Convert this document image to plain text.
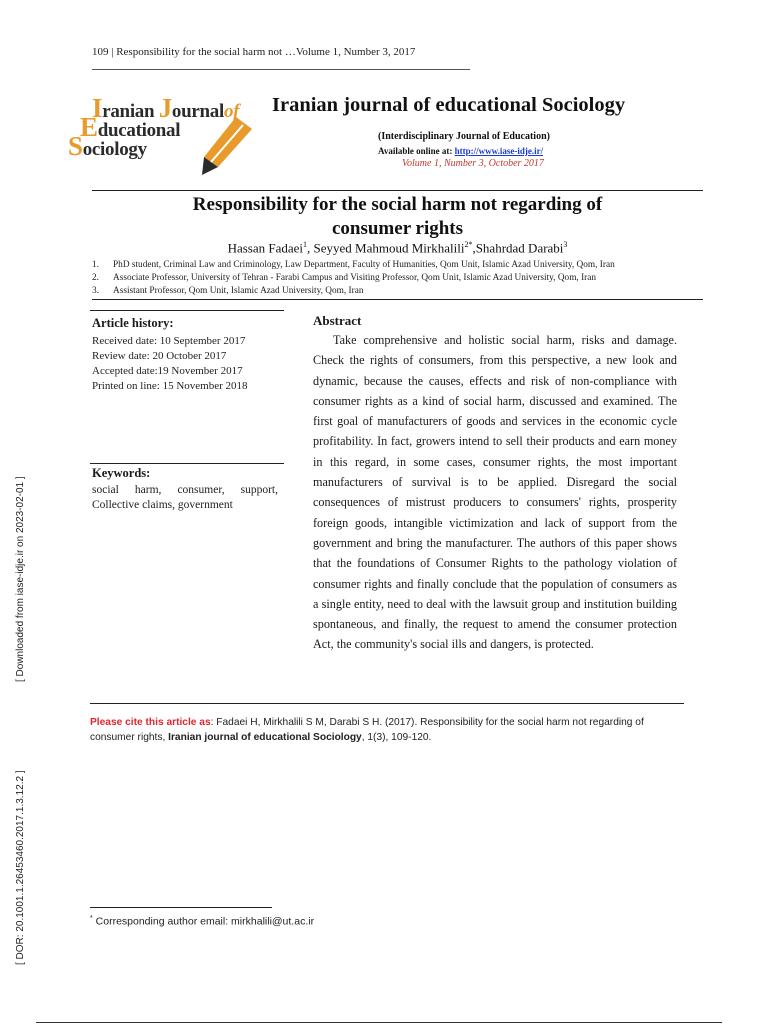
109 | Responsibility for the social harm not …Volume 1, Number 3, 2017
Iranian Journalof
Educational
Sociology
Iranian journal of educational Sociology
(Interdisciplinary Journal of Education)
Available online at: http://www.iase-idje.ir/
Volume 1, Number 3, October 2017
Responsibility for the social harm not regarding of
consumer rights
Hassan Fadaei$^1$, Seyyed Mahmoud Mirkhalili$^{2*}$,Shahrdad Darabi$^3$
1. PhD student, Criminal Law and Criminology, Law Department, Faculty of Humanities, Qom Unit, Islamic Azad University, Qom, Iran
2. Associate Professor, University of Tehran - Farabi Campus and Visiting Professor, Qom Unit, Islamic Azad University, Qom, Iran
3. Assistant Professor, Qom Unit, Islamic Azad University, Qom, Iran
Article history:
Received date: 10 September 2017
Review date: 20 October 2017
Accepted date:19 November 2017
Printed on line: 15 November 2018
Keywords:
social harm, consumer, support, Collective claims, government
Abstract
Take comprehensive and holistic social harm, risks and damage. Check the rights of consumers, from this perspective, a new look and dynamic, because the causes, effects and risk of non-compliance with consumer rights as a kind of social harm, discussed and examined. The first goal of manufacturers of goods and services in the economic cycle profitability. In fact, growers intend to sell their products and earn money in this regard, in some cases, consumer rights, the most important manufacturers of survival is to be applied. Disregard the social consequences of mistrust producers to consumers' rights, prosperity foreign goods, intangible victimization and lack of support from the government and bring the manufacturer. The authors of this paper shows that the foundations of Consumer Rights to the pathology violation of consumer rights and finally conclude that the population of consumers as a single entity, need to deal with the lawsuit group and institution building spontaneous, and finally, the request to amend the consumer protection Act, the community's social ills and dangers, is protected.
Please cite this article as: Fadaei H, Mirkhalili S M, Darabi S H. (2017). Responsibility for the social harm not regarding of consumer rights, Iranian journal of educational Sociology, 1(3), 109-120.
* Corresponding author email: mirkhalili@ut.ac.ir
[ Downloaded from iase-idje.ir on 2023-02-01 ]
[ DOR: 20.1001.1.26453460.2017.1.3.12.2 ]
